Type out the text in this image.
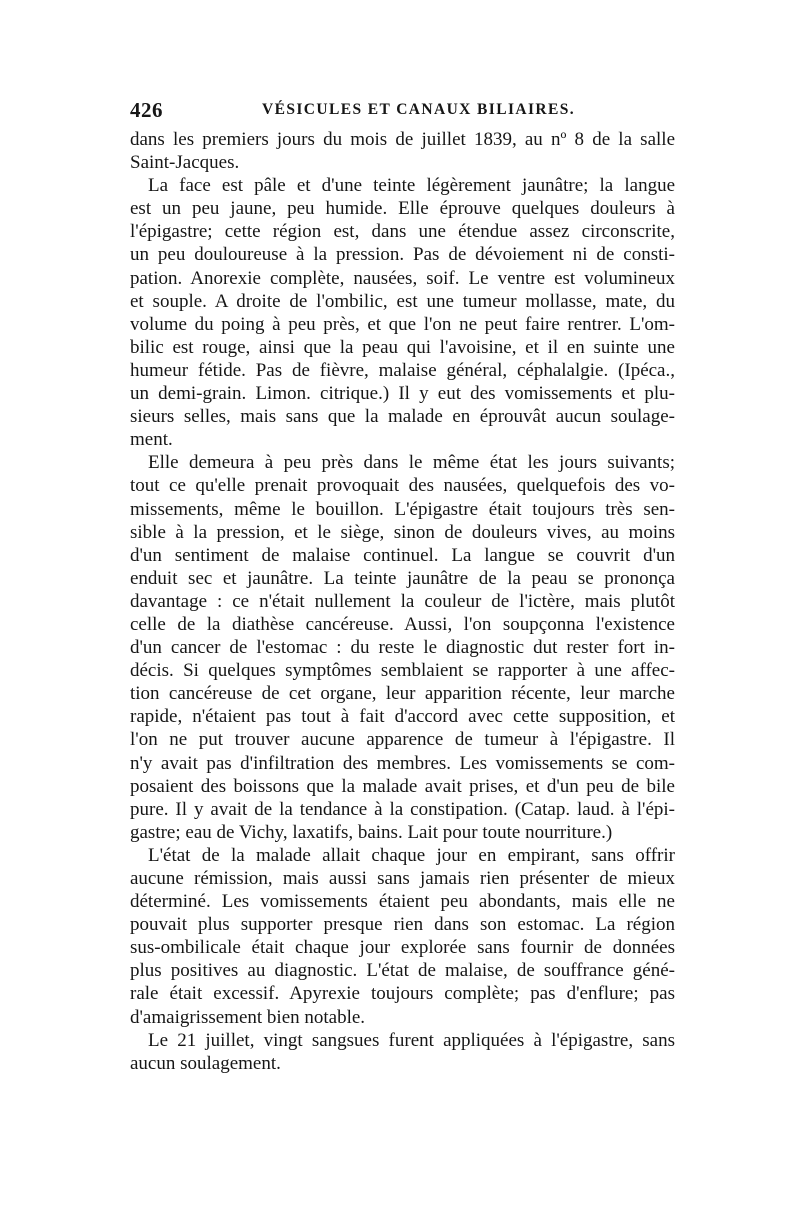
426	VÉSICULES ET CANAUX BILIAIRES.
dans les premiers jours du mois de juillet 1839, au nº 8 de la salle
Saint-Jacques.
La face est pâle et d'une teinte légèrement jaunâtre; la langue
est un peu jaune, peu humide. Elle éprouve quelques douleurs à
l'épigastre; cette région est, dans une étendue assez circonscrite,
un peu douloureuse à la pression. Pas de dévoiement ni de consti-
pation. Anorexie complète, nausées, soif. Le ventre est volumineux
et souple. A droite de l'ombilic, est une tumeur mollasse, mate, du
volume du poing à peu près, et que l'on ne peut faire rentrer. L'om-
bilic est rouge, ainsi que la peau qui l'avoisine, et il en suinte une
humeur fétide. Pas de fièvre, malaise général, céphalalgie. (Ipéca.,
un demi-grain. Limon. citrique.) Il y eut des vomissements et plu-
sieurs selles, mais sans que la malade en éprouvât aucun soulage-
ment.
Elle demeura à peu près dans le même état les jours suivants;
tout ce qu'elle prenait provoquait des nausées, quelquefois des vo-
missements, même le bouillon. L'épigastre était toujours très sen-
sible à la pression, et le siège, sinon de douleurs vives, au moins
d'un sentiment de malaise continuel. La langue se couvrit d'un
enduit sec et jaunâtre. La teinte jaunâtre de la peau se prononça
davantage : ce n'était nullement la couleur de l'ictère, mais plutôt
celle de la diathèse cancéreuse. Aussi, l'on soupçonna l'existence
d'un cancer de l'estomac : du reste le diagnostic dut rester fort in-
décis. Si quelques symptômes semblaient se rapporter à une affec-
tion cancéreuse de cet organe, leur apparition récente, leur marche
rapide, n'étaient pas tout à fait d'accord avec cette supposition, et
l'on ne put trouver aucune apparence de tumeur à l'épigastre. Il
n'y avait pas d'infiltration des membres. Les vomissements se com-
posaient des boissons que la malade avait prises, et d'un peu de bile
pure. Il y avait de la tendance à la constipation. (Catap. laud. à l'épi-
gastre; eau de Vichy, laxatifs, bains. Lait pour toute nourriture.)
L'état de la malade allait chaque jour en empirant, sans offrir
aucune rémission, mais aussi sans jamais rien présenter de mieux
déterminé. Les vomissements étaient peu abondants, mais elle ne
pouvait plus supporter presque rien dans son estomac. La région
sus-ombilicale était chaque jour explorée sans fournir de données
plus positives au diagnostic. L'état de malaise, de souffrance géné-
rale était excessif. Apyrexie toujours complète; pas d'enflure; pas
d'amaigrissement bien notable.
Le 21 juillet, vingt sangsues furent appliquées à l'épigastre, sans
aucun soulagement.
